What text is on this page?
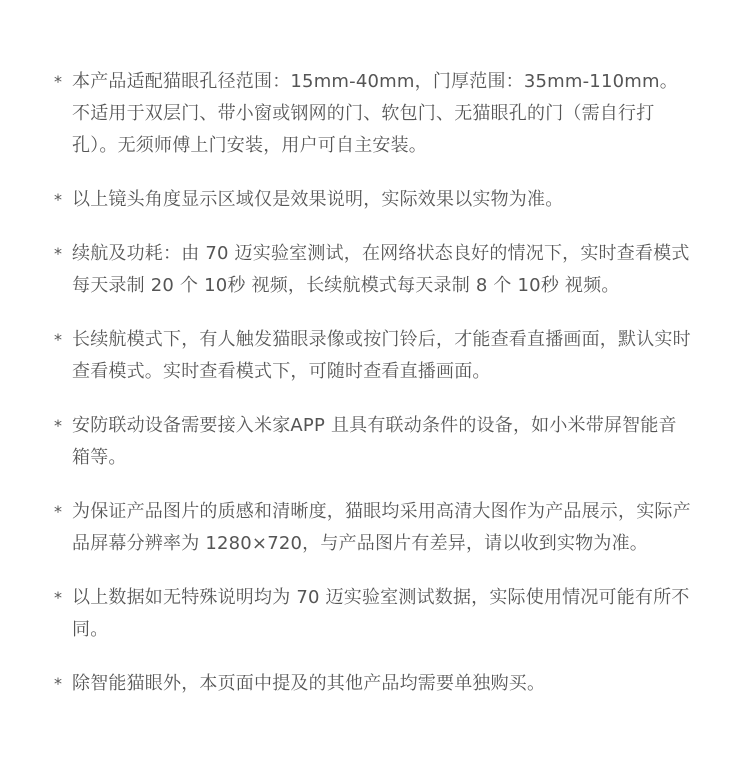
* 本产品适配猫眼孔径范围：15mm-40mm，门厚范围：35mm-110mm。不适用于双层门、带小窗或钢网的门、软包门、无猫眼孔的门（需自行打孔）。无须师傅上门安装，用户可自主安装。
* 以上镜头角度显示区域仅是效果说明，实际效果以实物为准。
* 续航及功耗：由 70 迈实验室测试，在网络状态良好的情况下，实时查看模式每天录制 20 个 10秒 视频，长续航模式每天录制 8 个 10秒 视频。
* 长续航模式下，有人触发猫眼录像或按门铃后，才能查看直播画面，默认实时查看模式。实时查看模式下，可随时查看直播画面。
* 安防联动设备需要接入米家APP 且具有联动条件的设备，如小米带屏智能音箱等。
* 为保证产品图片的质感和清晰度，猫眼均采用高清大图作为产品展示，实际产品屏幕分辨率为 1280×720，与产品图片有差异，请以收到实物为准。
* 以上数据如无特殊说明均为 70 迈实验室测试数据，实际使用情况可能有所不同。
* 除智能猫眼外，本页面中提及的其他产品均需要单独购买。
